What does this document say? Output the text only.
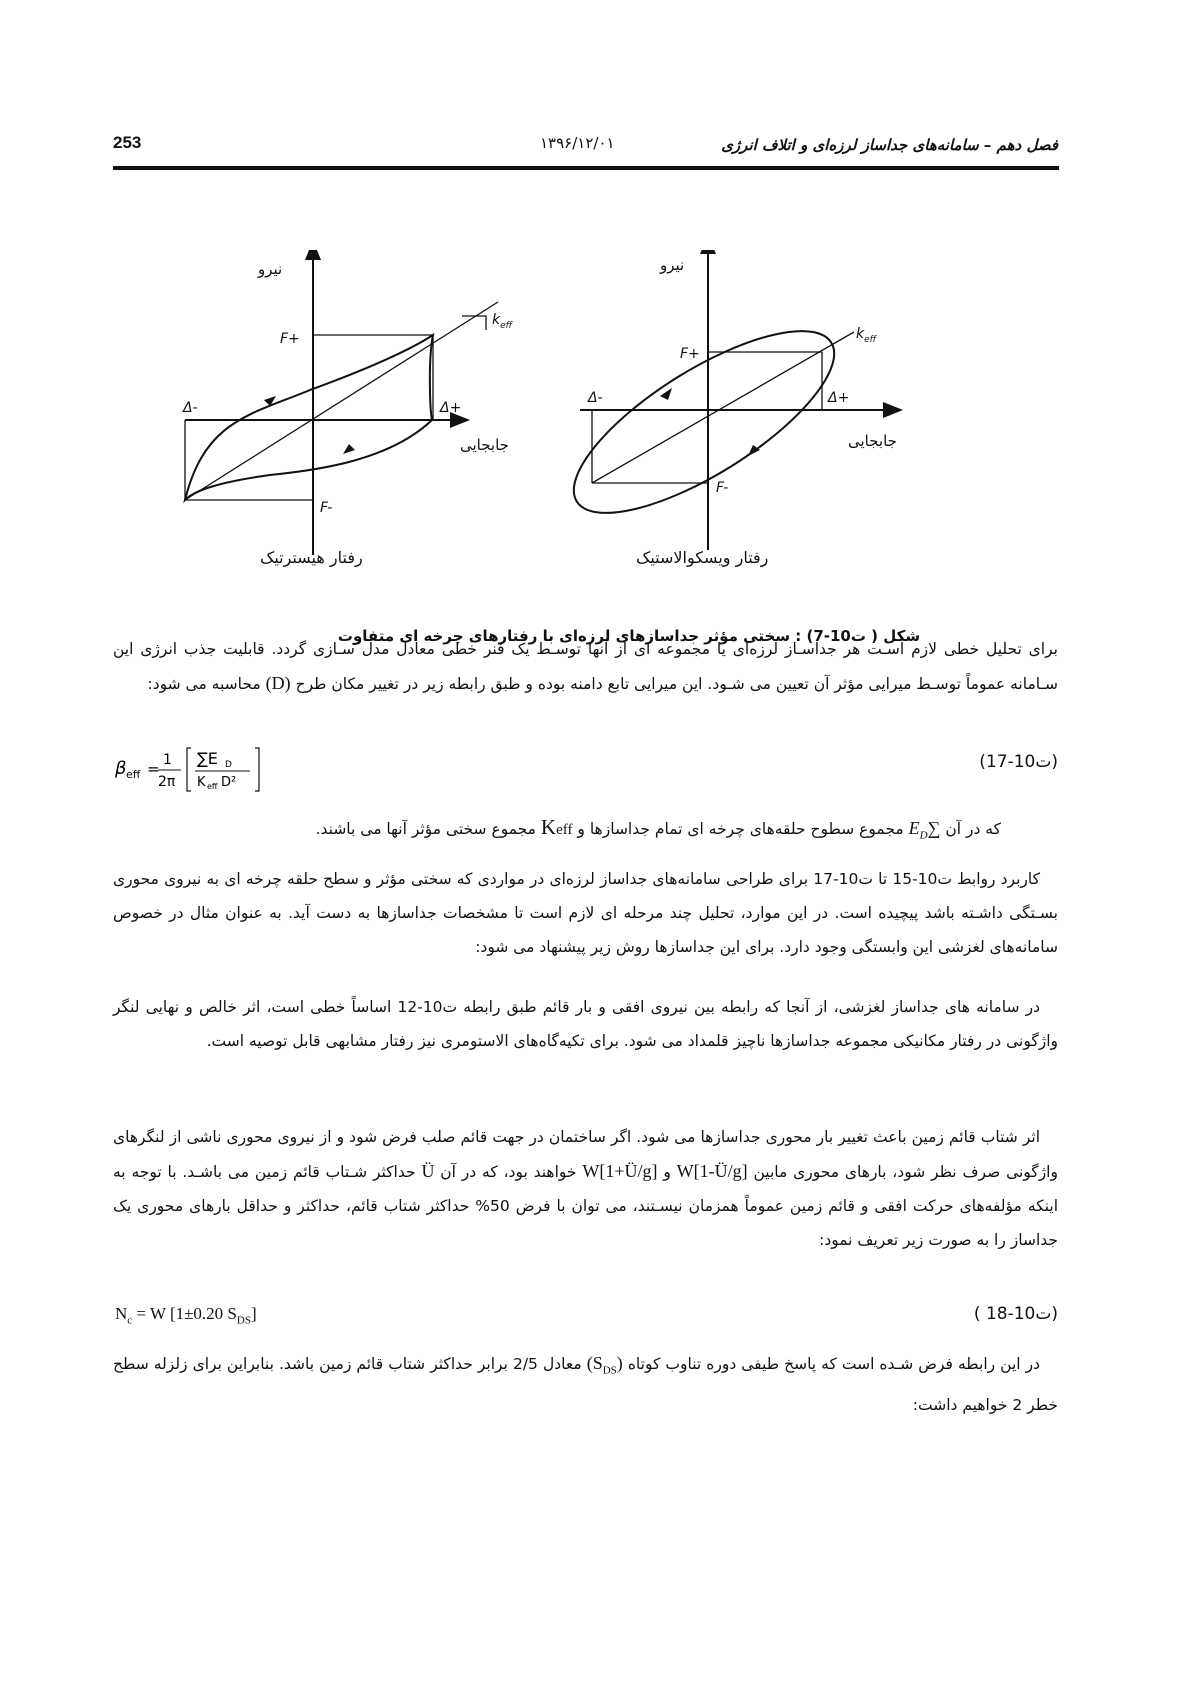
253	۱۳۹۶/۱۲/۰۱	فصل دهم – سامانه‌های جداساز لرزه‌ای و اتلاف انرژی
نیرو
F+
Δ-	Δ+
جابجایی
F-
$k_{eff}$
رفتار هیسترتیک
نیرو
F+
Δ-	Δ+
جابجایی
F-
$k_{eff}$
رفتار ویسکوالاستیک
شکل ( ت10-7) : سختی مؤثر جداسازهای لرزه‌ای با رفتارهای چرخه ای متفاوت

برای تحلیل خطی لازم اسـت هر جداسـاز لرزه‌ای یا مجموعه ای از آنها توسـط یک فنر خطی معادل مدل سـازی گردد. قابلیت جذب انرژی این سـامانه عموماً توسـط میرایی مؤثر آن تعیین می شـود. این میرایی تابع دامنه بوده و طبق رابطه زیر در تغییر مکان طرح (D) محاسبه می شود:

β eff = 1
2π
∑E D
K eff D²
(ت10-17)

که در آن $\sum E_D$ مجموع سطوح حلقه‌های چرخه ای تمام جداسازها و Keff مجموع سختی مؤثر آنها می باشند.

کاربرد روابط ت10-15 تا ت10-17 برای طراحی سامانه‌های جداساز لرزه‌ای در مواردی که سختی مؤثر و سطح حلقه چرخه ای به نیروی محوری بسـتگی داشـته باشد پیچیده است. در این موارد، تحلیل چند مرحله ای لازم است تا مشخصات جداسازها به دست آید. به عنوان مثال در خصوص سامانه‌های لغزشی این وابستگی وجود دارد. برای این جداسازها روش زیر پیشنهاد می شود:

در سامانه های جداساز لغزشی، از آنجا که رابطه بین نیروی افقی و بار قائم طبق رابطه ت10-12 اساساً خطی است، اثر خالص و نهایی لنگر واژگونی در رفتار مکانیکی مجموعه جداسازها ناچیز قلمداد می شود. برای تکیه‌گاه‌های الاستومری نیز رفتار مشابهی قابل توصیه است.

اثر شتاب قائم زمین باعث تغییر بار محوری جداسازها می شود. اگر ساختمان در جهت قائم صلب فرض شود و از نیروی محوری ناشی از لنگرهای واژگونی صرف نظر شود، بارهای محوری مابین W[1-Ü/g] و W[1+Ü/g] خواهند بود، که در آن Ü حداکثر شـتاب قائم زمین می باشـد. با توجه به اینکه مؤلفه‌های حرکت افقی و قائم زمین عموماً همزمان نیسـتند، می توان با فرض 50% حداکثر شتاب قائم، حداکثر و حداقل بارهای محوری یک جداساز را به صورت زیر تعریف نمود:

$N_c = W$ [1±0.20 $S_{DS}$]	(ت10-18 )

در این رابطه فرض شـده است که پاسخ طیفی دوره تناوب کوتاه $(S_{DS})$ معادل 2/5 برابر حداکثر شتاب قائم زمین باشد. بنابراین برای زلزله سطح خطر 2 خواهیم داشت:
